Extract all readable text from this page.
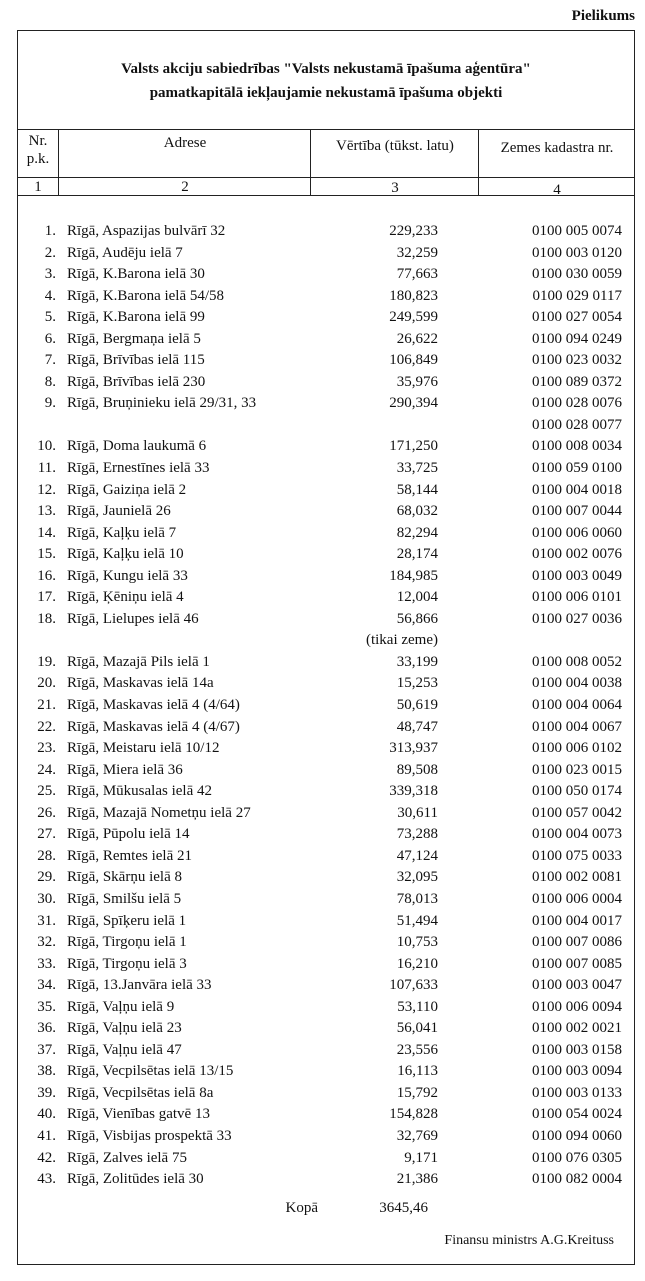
Pielikums
Valsts akciju sabiedrības "Valsts nekustamā īpašuma aģentūra"
pamatkapitālā iekļaujamie nekustamā īpašuma objekti
Nr. p.k.
Adrese	Vērtība (tūkst. latu)	Zemes kadastra nr.
1	2	3	4
1. Rīgā, Aspazijas bulvārī 32	229,233	0100 005 0074
2. Rīgā, Audēju ielā 7	32,259	0100 003 0120
3. Rīgā, K.Barona ielā 30	77,663	0100 030 0059
4. Rīgā, K.Barona ielā 54/58	180,823	0100 029 0117
5. Rīgā, K.Barona ielā 99	249,599	0100 027 0054
6. Rīgā, Bergmaņa ielā 5	26,622	0100 094 0249
7. Rīgā, Brīvības ielā 115	106,849	0100 023 0032
8. Rīgā, Brīvības ielā 230	35,976	0100 089 0372
9. Rīgā, Bruņinieku ielā 29/31, 33	290,394	0100 028 0076
0100 028 0077
10. Rīgā, Doma laukumā 6	171,250	0100 008 0034
11. Rīgā, Ernestīnes ielā 33	33,725	0100 059 0100
12. Rīgā, Gaiziņa ielā 2	58,144	0100 004 0018
13. Rīgā, Jaunielā 26	68,032	0100 007 0044
14. Rīgā, Kaļķu ielā 7	82,294	0100 006 0060
15. Rīgā, Kaļķu ielā 10	28,174	0100 002 0076
16. Rīgā, Kungu ielā 33	184,985	0100 003 0049
17. Rīgā, Ķēniņu ielā 4	12,004	0100 006 0101
18. Rīgā, Lielupes ielā 46	56,866	0100 027 0036
(tikai zeme)
19. Rīgā, Mazajā Pils ielā 1	33,199	0100 008 0052
20. Rīgā, Maskavas ielā 14a	15,253	0100 004 0038
21. Rīgā, Maskavas ielā 4 (4/64)	50,619	0100 004 0064
22. Rīgā, Maskavas ielā 4 (4/67)	48,747	0100 004 0067
23. Rīgā, Meistaru ielā 10/12	313,937	0100 006 0102
24. Rīgā, Miera ielā 36	89,508	0100 023 0015
25. Rīgā, Mūkusalas ielā 42	339,318	0100 050 0174
26. Rīgā, Mazajā Nometņu ielā 27	30,611	0100 057 0042
27. Rīgā, Pūpolu ielā 14	73,288	0100 004 0073
28. Rīgā, Remtes ielā 21	47,124	0100 075 0033
29. Rīgā, Skārņu ielā 8	32,095	0100 002 0081
30. Rīgā, Smilšu ielā 5	78,013	0100 006 0004
31. Rīgā, Spīķeru ielā 1	51,494	0100 004 0017
32. Rīgā, Tirgoņu ielā 1	10,753	0100 007 0086
33. Rīgā, Tirgoņu ielā 3	16,210	0100 007 0085
34. Rīgā, 13.Janvāra ielā 33	107,633	0100 003 0047
35. Rīgā, Vaļņu ielā 9	53,110	0100 006 0094
36. Rīgā, Vaļņu ielā 23	56,041	0100 002 0021
37. Rīgā, Vaļņu ielā 47	23,556	0100 003 0158
38. Rīgā, Vecpilsētas ielā 13/15	16,113	0100 003 0094
39. Rīgā, Vecpilsētas ielā 8a	15,792	0100 003 0133
40. Rīgā, Vienības gatvē 13	154,828	0100 054 0024
41. Rīgā, Visbijas prospektā 33	32,769	0100 094 0060
42. Rīgā, Zalves ielā 75	9,171	0100 076 0305
43. Rīgā, Zolitūdes ielā 30	21,386	0100 082 0004
Kopā	3645,46
Finansu ministrs A.G.Kreituss
